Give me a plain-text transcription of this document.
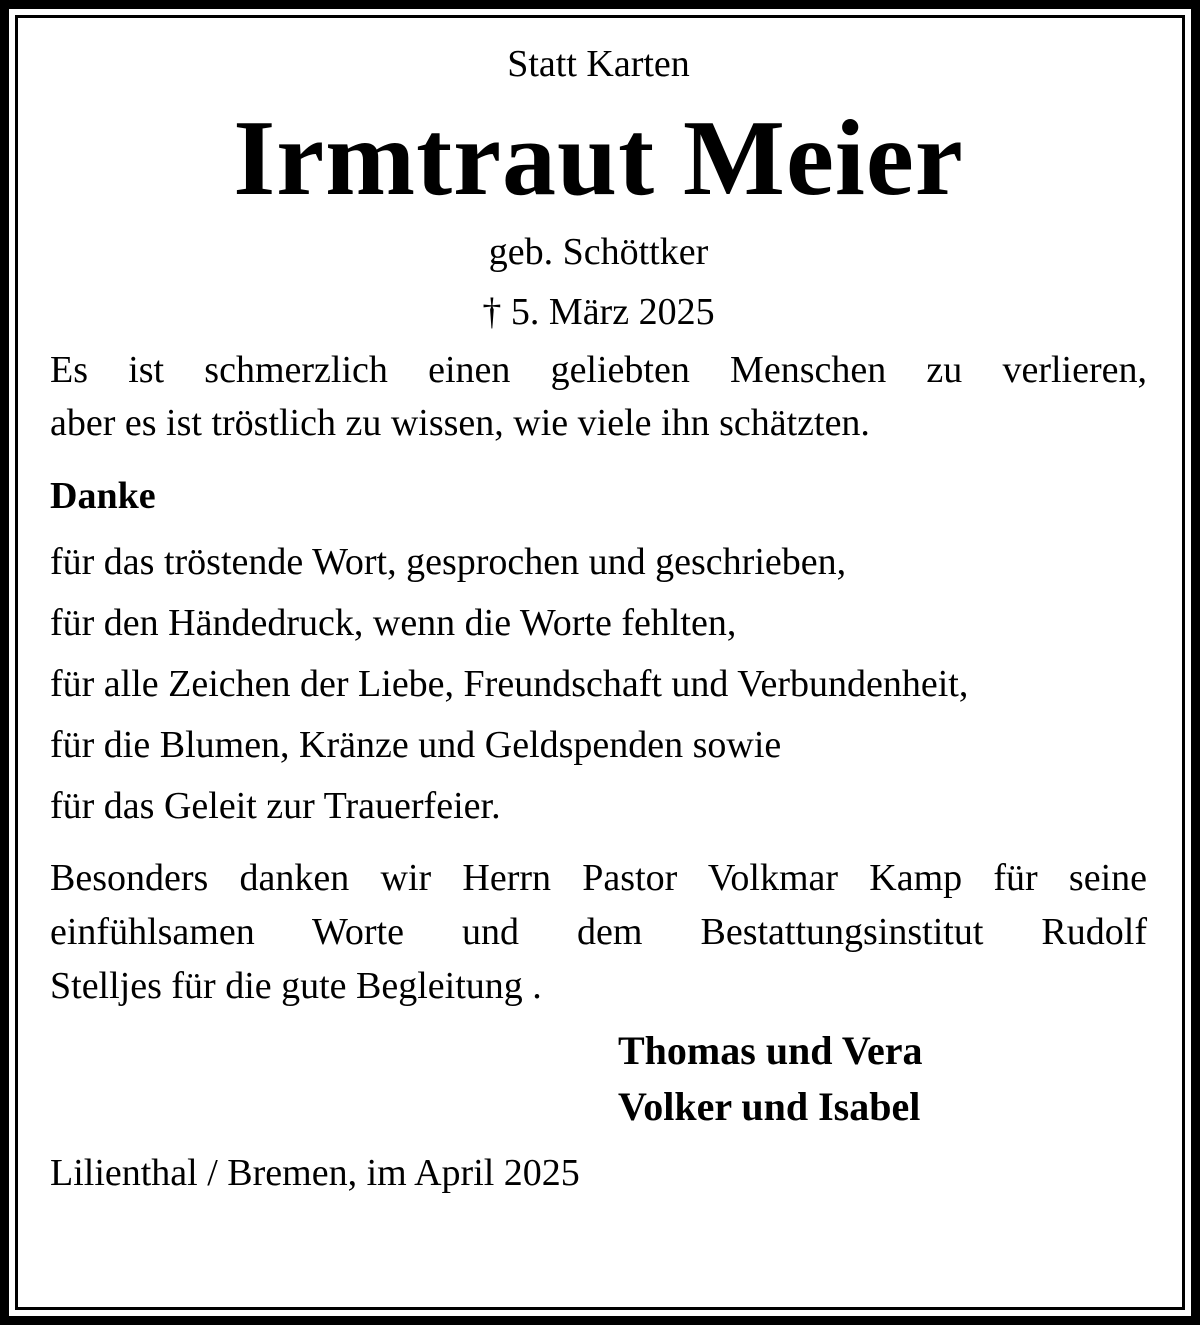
Statt Karten

Irmtraut Meier

geb. Schöttker

† 5. März 2025

Es ist schmerzlich einen geliebten Menschen zu verlieren,
aber es ist tröstlich zu wissen, wie viele ihn schätzten.

Danke

für das tröstende Wort, gesprochen und geschrieben,
für den Händedruck, wenn die Worte fehlten,
für alle Zeichen der Liebe, Freundschaft und Verbundenheit,
für die Blumen, Kränze und Geldspenden sowie
für das Geleit zur Trauerfeier.

Besonders danken wir Herrn Pastor Volkmar Kamp für seine
einfühlsamen Worte und dem Bestattungsinstitut Rudolf
Stelljes für die gute Begleitung .

Thomas und Vera
Volker und Isabel

Lilienthal / Bremen, im April 2025
